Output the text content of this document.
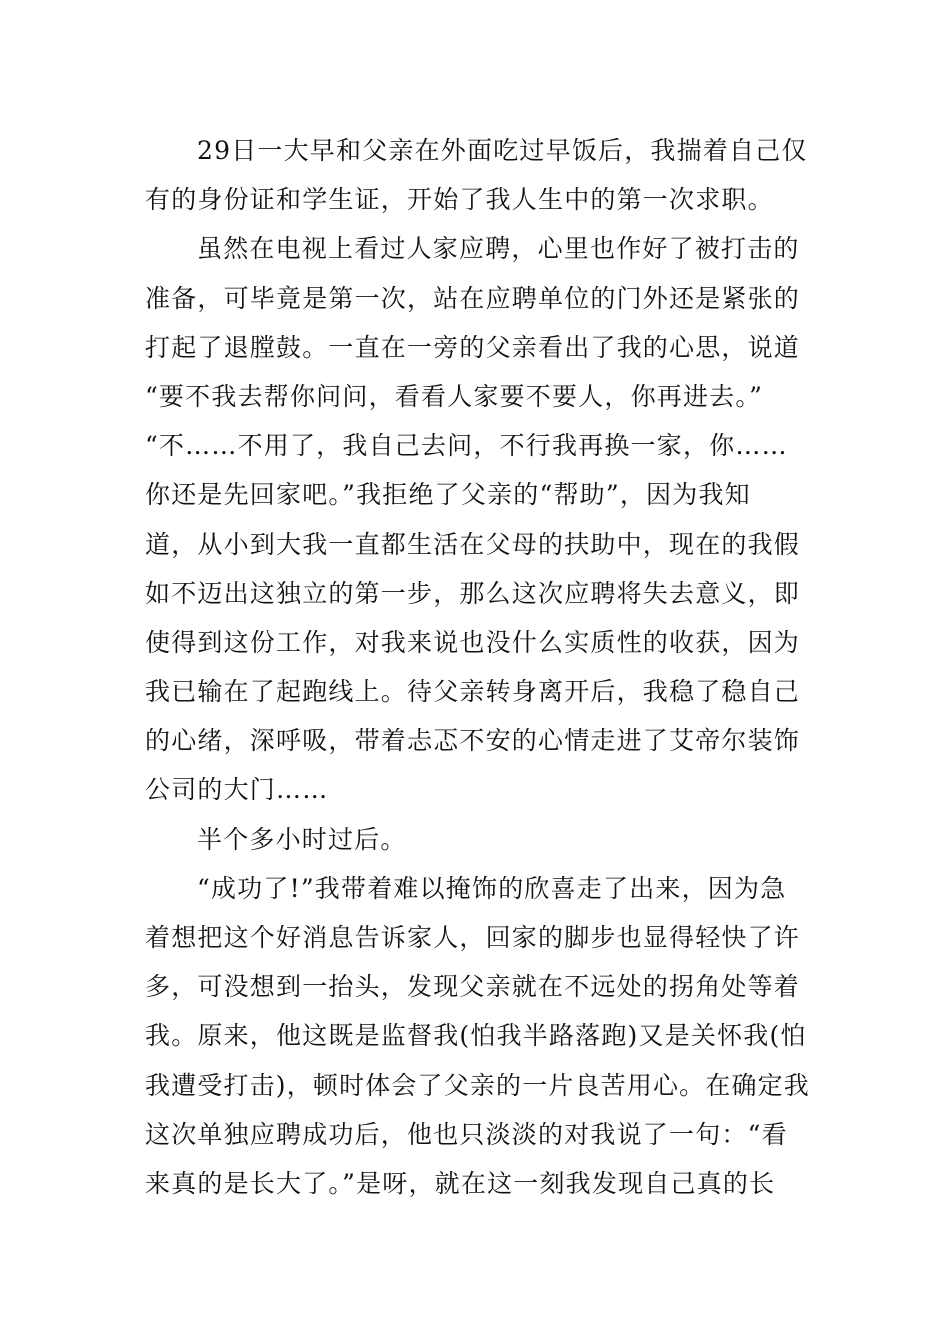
29日一大早和父亲在外面吃过早饭后，我揣着自己仅
有的身份证和学生证，开始了我人生中的第一次求职。
虽然在电视上看过人家应聘，心里也作好了被打击的
准备，可毕竟是第一次，站在应聘单位的门外还是紧张的
打起了退膛鼓。一直在一旁的父亲看出了我的心思，说道
“要不我去帮你问问，看看人家要不要人，你再进去。”
“不……不用了，我自己去问，不行我再换一家，你……
你还是先回家吧。”我拒绝了父亲的“帮助”，因为我知
道，从小到大我一直都生活在父母的扶助中，现在的我假
如不迈出这独立的第一步，那么这次应聘将失去意义，即
使得到这份工作，对我来说也没什么实质性的收获，因为
我已输在了起跑线上。待父亲转身离开后，我稳了稳自己
的心绪，深呼吸，带着忐忑不安的心情走进了艾帝尔装饰
公司的大门……
半个多小时过后。
“成功了!”我带着难以掩饰的欣喜走了出来，因为急
着想把这个好消息告诉家人，回家的脚步也显得轻快了许
多，可没想到一抬头，发现父亲就在不远处的拐角处等着
我。原来，他这既是监督我(怕我半路落跑)又是关怀我(怕
我遭受打击)，顿时体会了父亲的一片良苦用心。在确定我
这次单独应聘成功后，他也只淡淡的对我说了一句：“看
来真的是长大了。”是呀，就在这一刻我发现自己真的长
